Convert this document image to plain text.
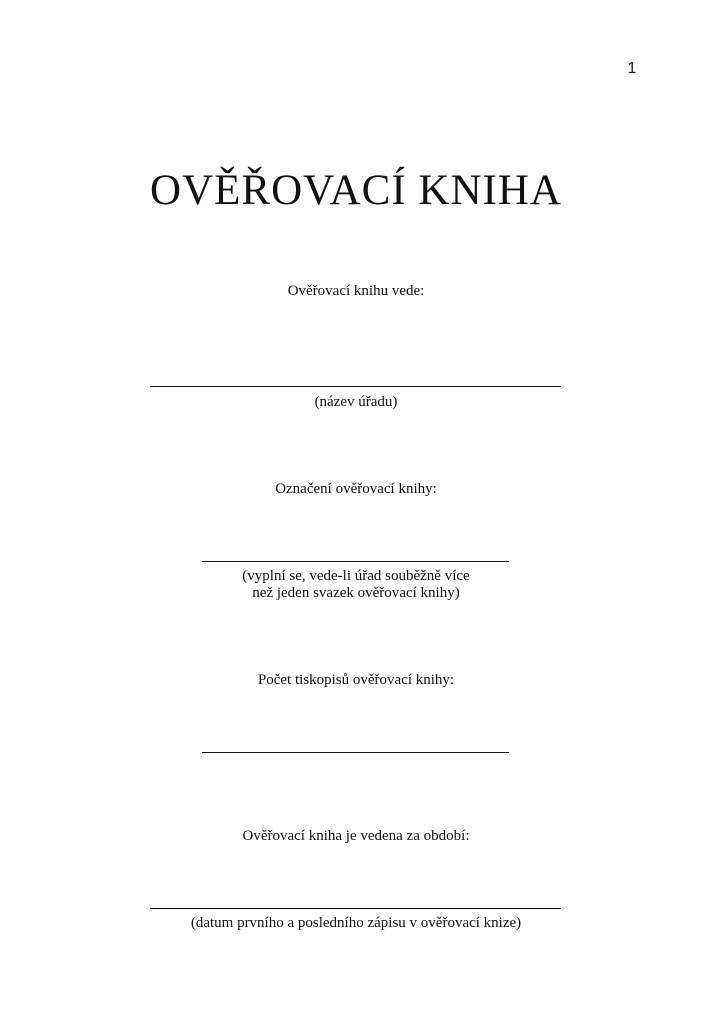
1
OVĚŘOVACÍ KNIHA
Ověřovací knihu vede:
(název úřadu)
Označení ověřovací knihy:
(vyplní se, vede-li úřad souběžně více
než jeden svazek ověřovací knihy)
Počet tiskopisů ověřovací knihy:
Ověřovací kniha je vedena za období:
(datum prvního a posledního zápisu v ověřovací knize)
